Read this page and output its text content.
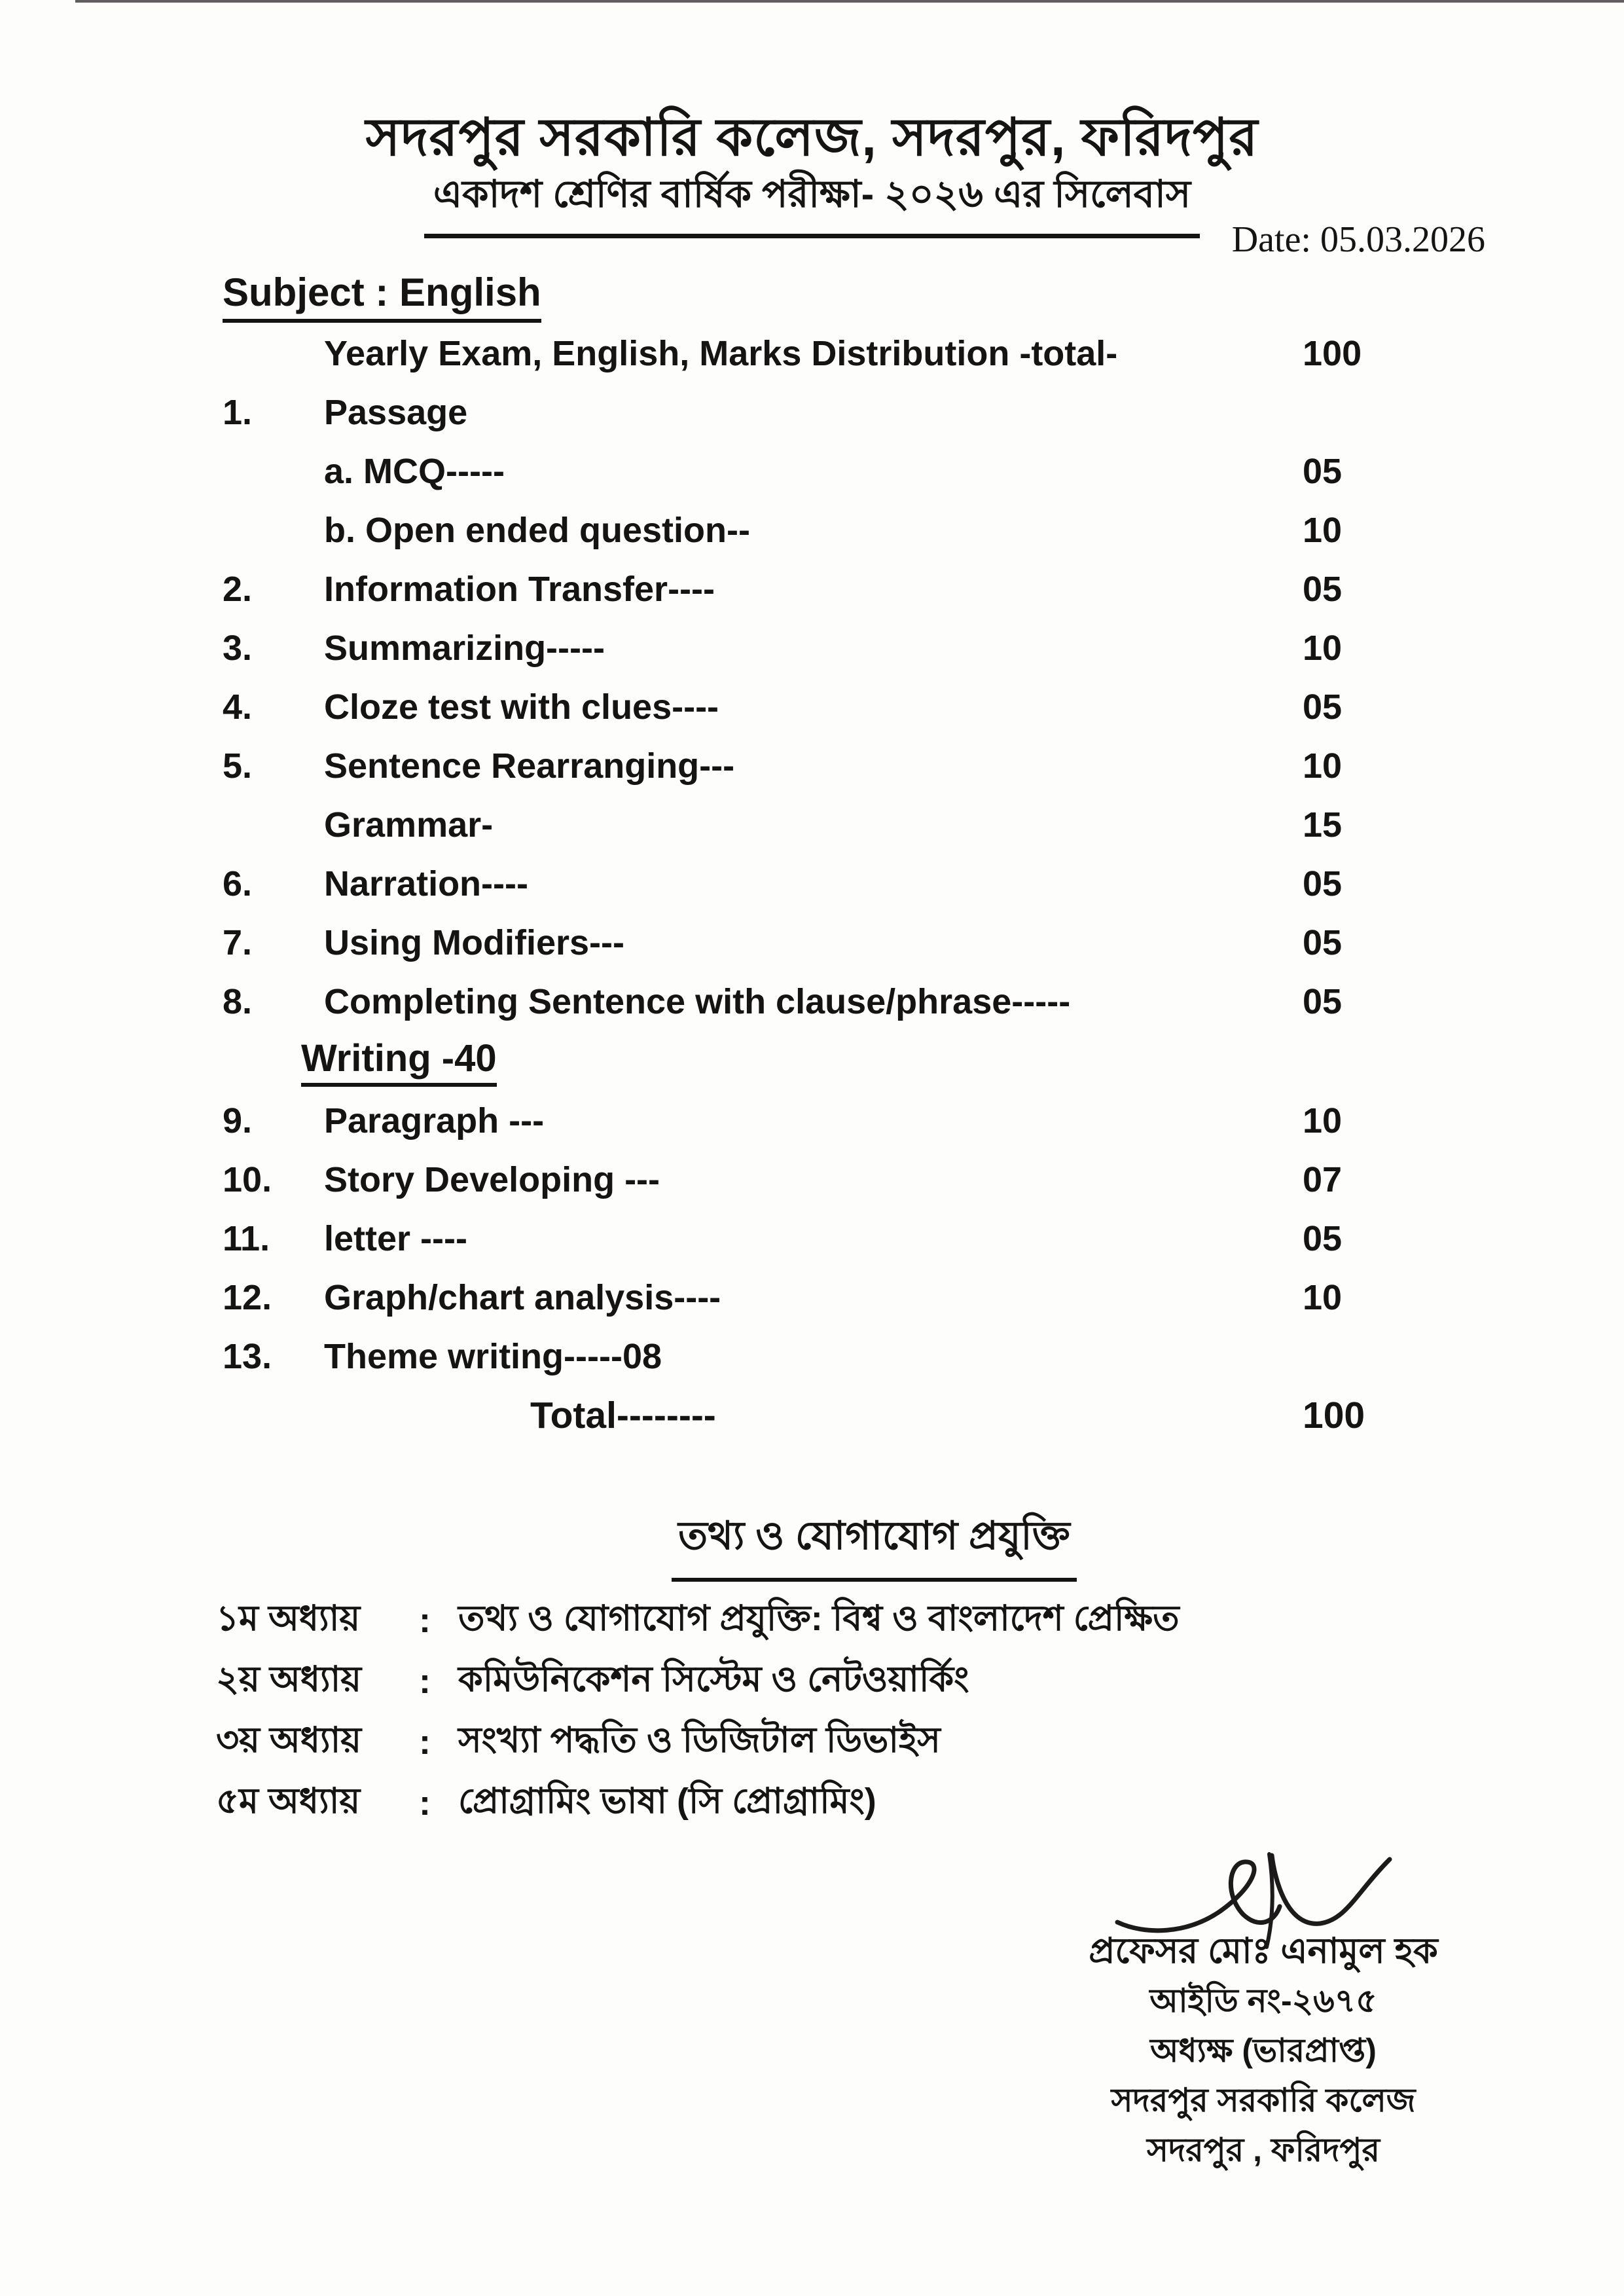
সদরপুর সরকারি কলেজ, সদরপুর, ফরিদপুর
একাদশ শ্রেণির বার্ষিক পরীক্ষা- ২০২৬ এর সিলেবাস
Date: 05.03.2026
Subject : English
Yearly Exam, English, Marks Distribution -total-	100
1.	Passage
a. MCQ-----	05
b. Open ended question--	10
2.	Information Transfer----	05
3.	Summarizing-----	10
4.	Cloze test with clues----	05
5.	Sentence Rearranging---	10
Grammar-	15
6.	Narration----	05
7.	Using Modifiers---	05
8.	Completing Sentence with clause/phrase-----	05
Writing -40
9.	Paragraph ---	10
10.	Story Developing ---	07
11.	letter ----	05
12.	Graph/chart analysis----	10
13.	Theme writing-----08
Total--------	100
তথ্য ও যোগাযোগ প্রযুক্তি
১ম অধ্যায়	: তথ্য ও যোগাযোগ প্রযুক্তি: বিশ্ব ও বাংলাদেশ প্রেক্ষিত
২য় অধ্যায়	: কমিউনিকেশন সিস্টেম ও নেটওয়ার্কিং
৩য় অধ্যায়	: সংখ্যা পদ্ধতি ও ডিজিটাল ডিভাইস
৫ম অধ্যায়	: প্রোগ্রামিং ভাষা (সি প্রোগ্রামিং)
প্রফেসর মোঃ এনামুল হক
আইডি নং-২৬৭৫
অধ্যক্ষ (ভারপ্রাপ্ত)
সদরপুর সরকারি কলেজ
সদরপুর , ফরিদপুর
